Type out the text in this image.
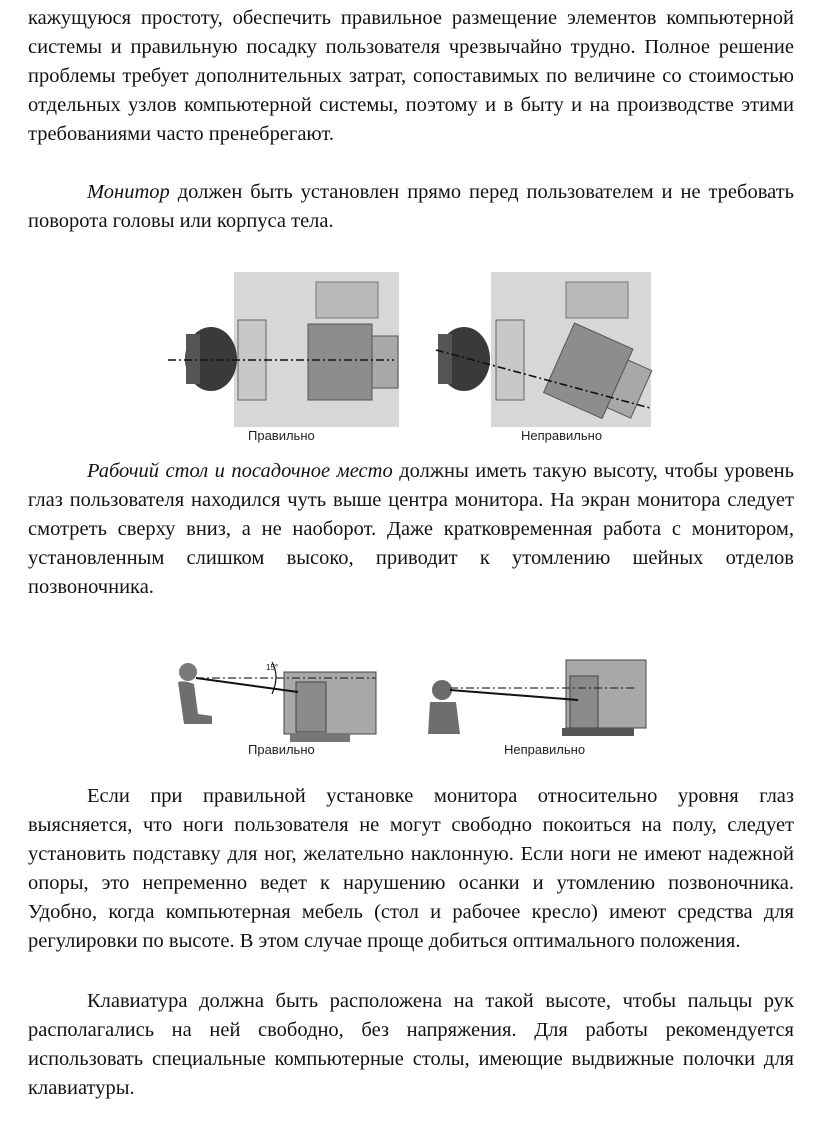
кажущуюся простоту, обеспечить правильное размещение элементов компьютерной системы и правильную посадку пользователя чрезвычайно трудно. Полное решение проблемы требует дополнительных затрат, сопоставимых по величине со стоимостью отдельных узлов компьютерной системы, поэтому и в быту и на производстве этими требованиями часто пренебрегают.

Монитор должен быть установлен прямо перед пользователем и не требовать поворота головы или корпуса тела.

Правильно	Неправильно

Рабочий стол и посадочное место должны иметь такую высоту, чтобы уровень глаз пользователя находился чуть выше центра монитора. На экран монитора следует смотреть сверху вниз, а не наоборот. Даже кратковременная работа с монитором, установленным слишком высоко, приводит к утомлению шейных отделов позвоночника.

15°
Правильно	Неправильно

Если при правильной установке монитора относительно уровня глаз выясняется, что ноги пользователя не могут свободно покоиться на полу, следует установить подставку для ног, желательно наклонную. Если ноги не имеют надежной опоры, это непременно ведет к нарушению осанки и утомлению позвоночника. Удобно, когда компьютерная мебель (стол и рабочее кресло) имеют средства для регулировки по высоте. В этом случае проще добиться оптимального положения.

Клавиатура должна быть расположена на такой высоте, чтобы пальцы рук располагались на ней свободно, без напряжения. Для работы рекомендуется использовать специальные компьютерные столы, имеющие выдвижные полочки для клавиатуры.
